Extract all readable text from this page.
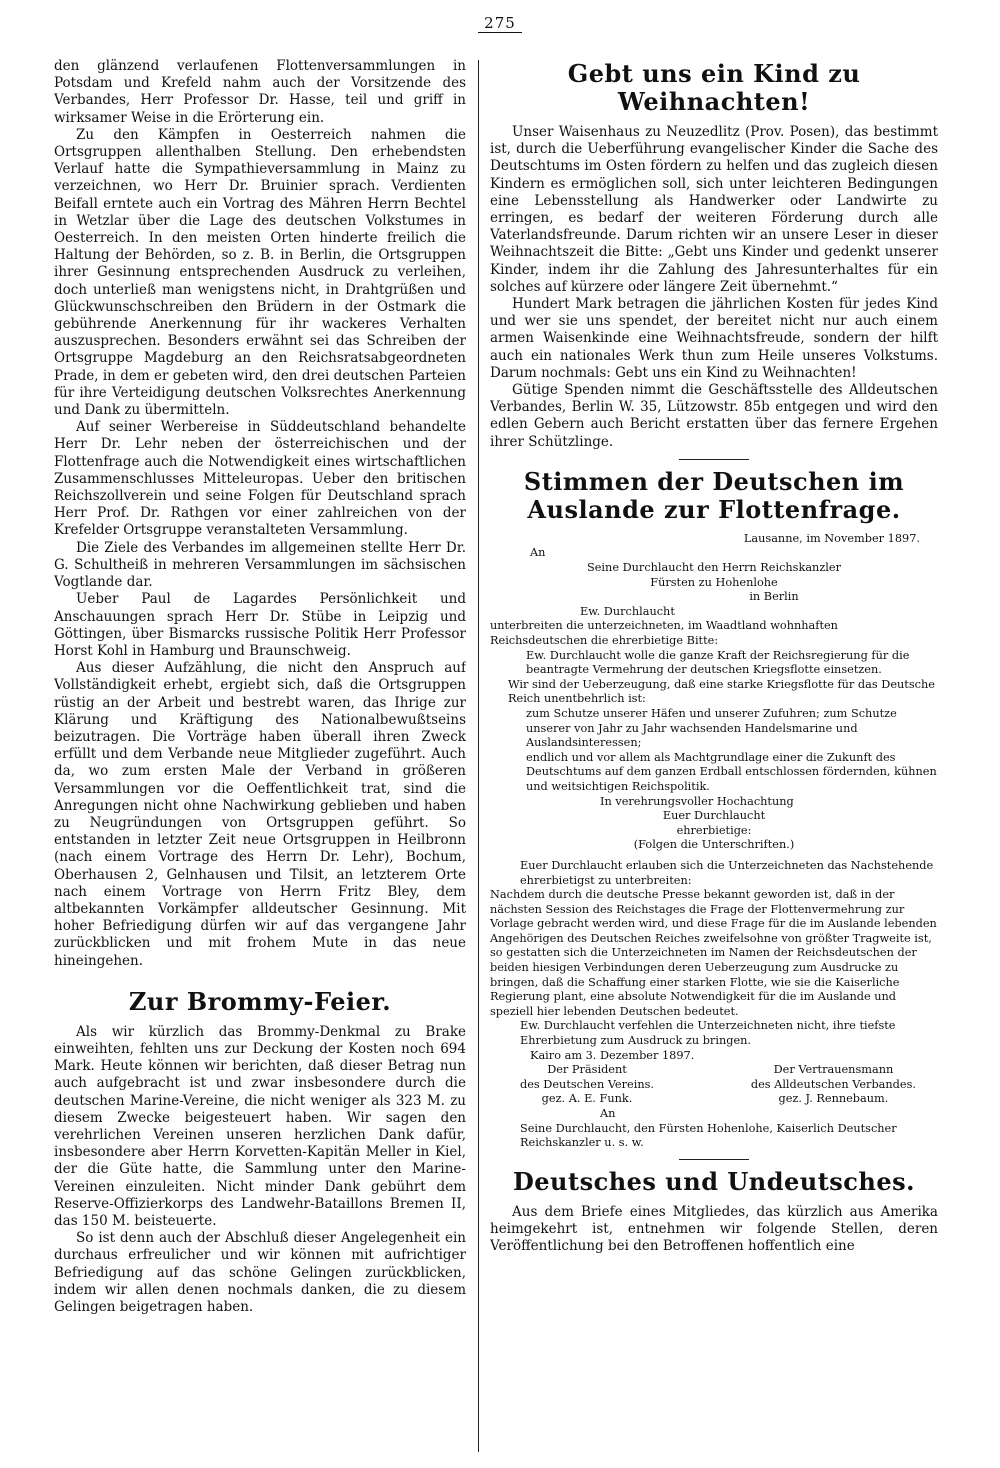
275

den glänzend verlaufenen Flottenversammlungen in Potsdam und Krefeld nahm auch der Vorsitzende des Verbandes, Herr Professor Dr. Hasse, teil und griff in wirksamer Weise in die Erörterung ein.

Zu den Kämpfen in Oesterreich nahmen die Ortsgruppen allenthalben Stellung. Den erhebendsten Verlauf hatte die Sympathieversammlung in Mainz zu verzeichnen, wo Herr Dr. Bruinier sprach. Verdienten Beifall erntete auch ein Vortrag des Mähren Herrn Bechtel in Wetzlar über die Lage des deutschen Volkstumes in Oesterreich. In den meisten Orten hinderte freilich die Haltung der Behörden, so z. B. in Berlin, die Ortsgruppen ihrer Gesinnung entsprechenden Ausdruck zu verleihen, doch unterließ man wenigstens nicht, in Drahtgrüßen und Glückwunschschreiben den Brüdern in der Ostmark die gebührende Anerkennung für ihr wackeres Verhalten auszusprechen. Besonders erwähnt sei das Schreiben der Ortsgruppe Magdeburg an den Reichsratsabgeordneten Prade, in dem er gebeten wird, den drei deutschen Parteien für ihre Verteidigung deutschen Volksrechtes Anerkennung und Dank zu übermitteln.

Auf seiner Werbereise in Süddeutschland behandelte Herr Dr. Lehr neben der österreichischen und der Flottenfrage auch die Notwendigkeit eines wirtschaftlichen Zusammenschlusses Mitteleuropas. Ueber den britischen Reichszollverein und seine Folgen für Deutschland sprach Herr Prof. Dr. Rathgen vor einer zahlreichen von der Krefelder Ortsgruppe veranstalteten Versammlung.

Die Ziele des Verbandes im allgemeinen stellte Herr Dr. G. Schultheiß in mehreren Versammlungen im sächsischen Vogtlande dar.

Ueber Paul de Lagardes Persönlichkeit und Anschauungen sprach Herr Dr. Stübe in Leipzig und Göttingen, über Bismarcks russische Politik Herr Professor Horst Kohl in Hamburg und Braunschweig.

Aus dieser Aufzählung, die nicht den Anspruch auf Vollständigkeit erhebt, ergiebt sich, daß die Ortsgruppen rüstig an der Arbeit und bestrebt waren, das Ihrige zur Klärung und Kräftigung des Nationalbewußtseins beizutragen. Die Vorträge haben überall ihren Zweck erfüllt und dem Verbande neue Mitglieder zugeführt. Auch da, wo zum ersten Male der Verband in größeren Versammlungen vor die Oeffentlichkeit trat, sind die Anregungen nicht ohne Nachwirkung geblieben und haben zu Neugründungen von Ortsgruppen geführt. So entstanden in letzter Zeit neue Ortsgruppen in Heilbronn (nach einem Vortrage des Herrn Dr. Lehr), Bochum, Oberhausen 2, Gelnhausen und Tilsit, an letzterem Orte nach einem Vortrage von Herrn Fritz Bley, dem altbekannten Vorkämpfer alldeutscher Gesinnung. Mit hoher Befriedigung dürfen wir auf das vergangene Jahr zurückblicken und mit frohem Mute in das neue hineingehen.

Zur Brommy-Feier.

Als wir kürzlich das Brommy-Denkmal zu Brake einweihten, fehlten uns zur Deckung der Kosten noch 694 Mark. Heute können wir berichten, daß dieser Betrag nun auch aufgebracht ist und zwar insbesondere durch die deutschen Marine-Vereine, die nicht weniger als 323 M. zu diesem Zwecke beigesteuert haben. Wir sagen den verehrlichen Vereinen unseren herzlichen Dank dafür, insbesondere aber Herrn Korvetten-Kapitän Meller in Kiel, der die Güte hatte, die Sammlung unter den Marine-Vereinen einzuleiten. Nicht minder Dank gebührt dem Reserve-Offizierkorps des Landwehr-Bataillons Bremen II, das 150 M. beisteuerte.

So ist denn auch der Abschluß dieser Angelegenheit ein durchaus erfreulicher und wir können mit aufrichtiger Befriedigung auf das schöne Gelingen zurückblicken, indem wir allen denen nochmals danken, die zu diesem Gelingen beigetragen haben.

Gebt uns ein Kind zu Weihnachten!

Unser Waisenhaus zu Neuzedlitz (Prov. Posen), das bestimmt ist, durch die Ueberführung evangelischer Kinder die Sache des Deutschtums im Osten fördern zu helfen und das zugleich diesen Kindern es ermöglichen soll, sich unter leichteren Bedingungen eine Lebensstellung als Handwerker oder Landwirte zu erringen, es bedarf der weiteren Förderung durch alle Vaterlandsfreunde. Darum richten wir an unsere Leser in dieser Weihnachtszeit die Bitte: „Gebt uns Kinder und gedenkt unserer Kinder, indem ihr die Zahlung des Jahresunterhaltes für ein solches auf kürzere oder längere Zeit übernehmt.“

Hundert Mark betragen die jährlichen Kosten für jedes Kind und wer sie uns spendet, der bereitet nicht nur auch einem armen Waisenkinde eine Weihnachtsfreude, sondern der hilft auch ein nationales Werk thun zum Heile unseres Volkstums. Darum nochmals: Gebt uns ein Kind zu Weihnachten!

Gütige Spenden nimmt die Geschäftsstelle des Alldeutschen Verbandes, Berlin W. 35, Lützowstr. 85b entgegen und wird den edlen Gebern auch Bericht erstatten über das fernere Ergehen ihrer Schützlinge.

Stimmen der Deutschen im Auslande zur Flottenfrage.
Lausanne, im November 1897.
An
Seine Durchlaucht den Herrn Reichskanzler
Fürsten zu Hohenlohe
in Berlin
Ew. Durchlaucht
unterbreiten die unterzeichneten, im Waadtland wohnhaften Reichsdeutschen die ehrerbietige Bitte:
Ew. Durchlaucht wolle die ganze Kraft der Reichsregierung für die beantragte Vermehrung der deutschen Kriegsflotte einsetzen.
Wir sind der Ueberzeugung, daß eine starke Kriegsflotte für das Deutsche Reich unentbehrlich ist:
zum Schutze unserer Häfen und unserer Zufuhren; zum Schutze unserer von Jahr zu Jahr wachsenden Handelsmarine und Auslandsinteressen;
endlich und vor allem als Machtgrundlage einer die Zukunft des Deutschtums auf dem ganzen Erdball entschlossen fördernden, kühnen und weitsichtigen Reichspolitik.
In verehrungsvoller Hochachtung
Euer Durchlaucht
ehrerbietige:
(Folgen die Unterschriften.)
Euer Durchlaucht erlauben sich die Unterzeichneten das Nachstehende ehrerbietigst zu unterbreiten:
Nachdem durch die deutsche Presse bekannt geworden ist, daß in der nächsten Session des Reichstages die Frage der Flottenvermehrung zur Vorlage gebracht werden wird, und diese Frage für die im Auslande lebenden Angehörigen des Deutschen Reiches zweifelsohne von größter Tragweite ist, so gestatten sich die Unterzeichneten im Namen der Reichsdeutschen der beiden hiesigen Verbindungen deren Ueberzeugung zum Ausdrucke zu bringen, daß die Schaffung einer starken Flotte, wie sie die Kaiserliche Regierung plant, eine absolute Notwendigkeit für die im Auslande und speziell hier lebenden Deutschen bedeutet.
Ew. Durchlaucht verfehlen die Unterzeichneten nicht, ihre tiefste Ehrerbietung zum Ausdruck zu bringen.
Kairo am 3. Dezember 1897.
Der Präsident
des Deutschen Vereins.
gez. A. E. Funk.
Der Vertrauensmann
des Alldeutschen Verbandes.
gez. J. Rennebaum.
An
Seine Durchlaucht, den Fürsten Hohenlohe, Kaiserlich Deutscher Reichskanzler u. s. w.
Deutsches und Undeutsches.

Aus dem Briefe eines Mitgliedes, das kürzlich aus Amerika heimgekehrt ist, entnehmen wir folgende Stellen, deren Veröffentlichung bei den Betroffenen hoffentlich eine
